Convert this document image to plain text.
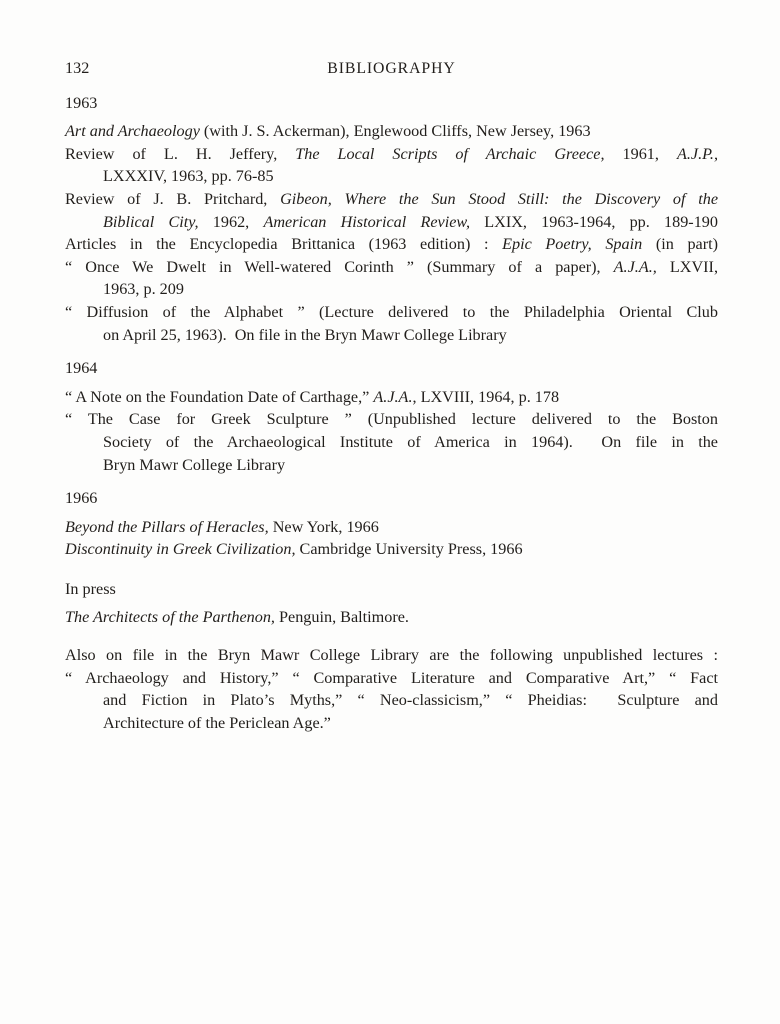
132	BIBLIOGRAPHY
1963
Art and Archaeology (with J. S. Ackerman), Englewood Cliffs, New Jersey, 1963
Review of L. H. Jeffery, The Local Scripts of Archaic Greece, 1961, A.J.P.,
LXXXIV, 1963, pp. 76-85
Review of J. B. Pritchard, Gibeon, Where the Sun Stood Still: the Discovery of the
Biblical City, 1962, American Historical Review, LXIX, 1963-1964, pp. 189-190
Articles in the Encyclopedia Brittanica (1963 edition) : Epic Poetry, Spain (in part)
“ Once We Dwelt in Well-watered Corinth ” (Summary of a paper), A.J.A., LXVII,
1963, p. 209
“ Diffusion of the Alphabet ” (Lecture delivered to the Philadelphia Oriental Club
on April 25, 1963).  On file in the Bryn Mawr College Library
1964
“ A Note on the Foundation Date of Carthage,” A.J.A., LXVIII, 1964, p. 178
“ The Case for Greek Sculpture ” (Unpublished lecture delivered to the Boston
Society of the Archaeological Institute of America in 1964).  On file in the
Bryn Mawr College Library
1966
Beyond the Pillars of Heracles, New York, 1966
Discontinuity in Greek Civilization, Cambridge University Press, 1966
In press
The Architects of the Parthenon, Penguin, Baltimore.
Also on file in the Bryn Mawr College Library are the following unpublished lectures :
“ Archaeology and History,” “ Comparative Literature and Comparative Art,” “ Fact
and Fiction in Plato’s Myths,” “ Neo-classicism,” “ Pheidias:  Sculpture and
Architecture of the Periclean Age.”
